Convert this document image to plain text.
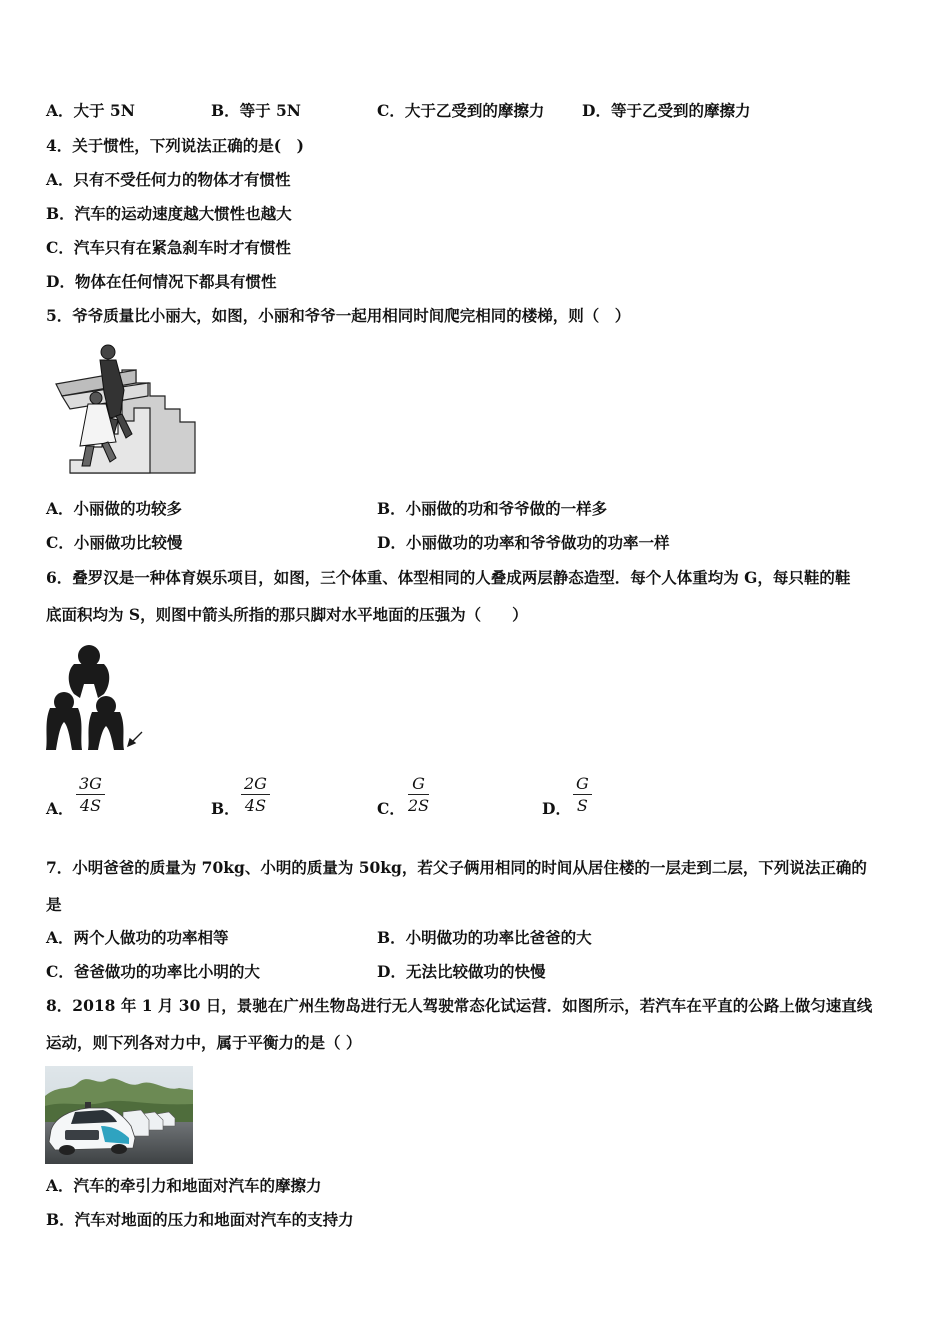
A．大于 5N	B．等于 5N	C．大于乙受到的摩擦力 D．等于乙受到的摩擦力
4．关于惯性，下列说法正确的是(　)
A．只有不受任何力的物体才有惯性
B．汽车的运动速度越大惯性也越大
C．汽车只有在紧急刹车时才有惯性
D．物体在任何情况下都具有惯性
5．爷爷质量比小丽大，如图，小丽和爷爷一起用相同时间爬完相同的楼梯，则（　）
A．小丽做的功较多	B．小丽做的功和爷爷做的一样多
C．小丽做功比较慢	D．小丽做功的功率和爷爷做功的功率一样
6．叠罗汉是一种体育娱乐项目，如图，三个体重、体型相同的人叠成两层静态造型．每个人体重均为 G，每只鞋的鞋
底面积均为 S，则图中箭头所指的那只脚对水平地面的压强为（　　）
A． $\frac{3G}{4S}$	B． $\frac{2G}{4S}$	C． $\frac{G}{2S}$	D． $\frac{G}{S}$
7．小明爸爸的质量为 70kg、小明的质量为 50kg，若父子俩用相同的时间从居住楼的一层走到二层，下列说法正确的
是
A．两个人做功的功率相等	B．小明做功的功率比爸爸的大
C．爸爸做功的功率比小明的大	D．无法比较做功的快慢
8．2018 年 1 月 30 日，景驰在广州生物岛进行无人驾驶常态化试运营．如图所示，若汽车在平直的公路上做匀速直线
运动，则下列各对力中，属于平衡力的是（ ）
A．汽车的牵引力和地面对汽车的摩擦力
B．汽车对地面的压力和地面对汽车的支持力
